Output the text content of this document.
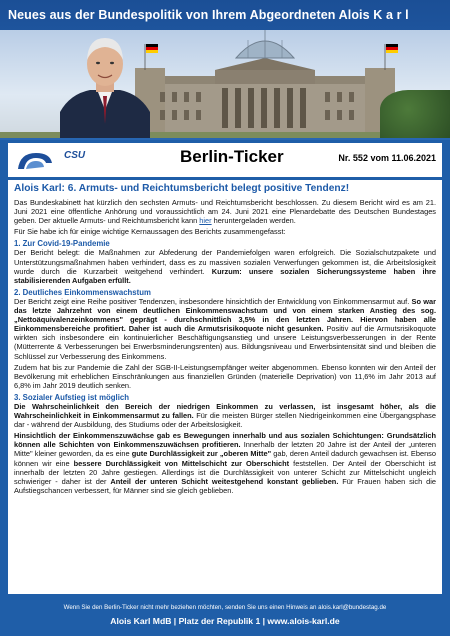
Neues aus der Bundespolitik von Ihrem Abgeordneten Alois K a r l
CSU	Berlin-Ticker	Nr. 552 vom 11.06.2021
Alois Karl: 6. Armuts- und Reichtumsbericht belegt positive Tendenz!

Das Bundeskabinett hat kürzlich den sechsten Armuts- und Reichtumsbericht beschlossen. Zu diesem Bericht wird es am 21. Juni 2021 eine öffentliche Anhörung und voraussichtlich am 24. Juni 2021 eine Plenardebatte des Deutschen Bundestages geben. Der aktuelle Armuts- und Reichtumsbericht kann hier heruntergeladen werden.

Für Sie habe ich für einige wichtige Kernaussagen des Berichts zusammengefasst:

1. Zur Covid-19-Pandemie

Der Bericht belegt: die Maßnahmen zur Abfederung der Pandemiefolgen waren erfolgreich. Die Sozialschutzpakete und Unterstützungsmaßnahmen haben verhindert, dass es zu massiven sozialen Verwerfungen gekommen ist, die Arbeitslosigkeit wurde durch die Kurzarbeit weitgehend verhindert. Kurzum: unsere sozialen Sicherungssysteme haben ihre stabilisierenden Aufgaben erfüllt.

2. Deutliches Einkommenswachstum

Der Bericht zeigt eine Reihe positiver Tendenzen, insbesondere hinsichtlich der Entwicklung von Einkommensarmut auf. So war das letzte Jahrzehnt von einem deutlichen Einkommenswachstum und von einem starken Anstieg des sog. „Nettoäquivalenzeinkommens" geprägt - durchschnittlich 3,5% in den letzten Jahren. Hiervon haben alle Einkommensbereiche profitiert. Daher ist auch die Armutsrisikoquote nicht gesunken. Positiv auf die Armutsrisikoquote wirkten sich insbesondere ein kontinuierlicher Beschäftigungsanstieg und unsere Leistungsverbesserungen in der Rente (Mütterrente & Verbesserungen bei Erwerbsminderungsrenten) aus. Bildungsniveau und Erwerbsintensität sind und bleiben die Schlüssel zur Verbesserung des Einkommens.

Zudem hat bis zur Pandemie die Zahl der SGB-II-Leistungsempfänger weiter abgenommen. Ebenso konnten wir den Anteil der Bevölkerung mit erheblichen Einschränkungen aus finanziellen Gründen (materielle Deprivation) von 11,6% im Jahr 2013 auf 6,8% im Jahr 2019 deutlich senken.

3. Sozialer Aufstieg ist möglich

Die Wahrscheinlichkeit den Bereich der niedrigen Einkommen zu verlassen, ist insgesamt höher, als die Wahrscheinlichkeit in Einkommensarmut zu fallen. Für die meisten Bürger stellen Niedrigeinkommen eine Übergangsphase dar - während der Ausbildung, des Studiums oder der Arbeitslosigkeit.

Hinsichtlich der Einkommenszuwächse gab es Bewegungen innerhalb und aus sozialen Schichtungen: Grundsätzlich können alle Schichten von Einkommenszuwächsen profitieren. Innerhalb der letzten 20 Jahre ist der Anteil der „unteren Mitte" kleiner geworden, da es eine gute Durchlässigkeit zur „oberen Mitte" gab, deren Anteil dadurch gewachsen ist. Ebenso können wir eine bessere Durchlässigkeit von Mittelschicht zur Oberschicht feststellen. Der Anteil der Oberschicht ist innerhalb der letzten 20 Jahre gestiegen. Allerdings ist die Durchlässigkeit von unterer Schicht zur Mittelschicht ungleich schwieriger - daher ist der Anteil der unteren Schicht weitestgehend konstant geblieben. Für Frauen haben sich die Aufstiegschancen verbessert, für Männer sind sie gleich geblieben.

Wenn Sie den Berlin-Ticker nicht mehr beziehen möchten, senden Sie uns einen Hinweis an alois.karl@bundestag.de
Alois Karl MdB | Platz der Republik 1 | www.alois-karl.de
